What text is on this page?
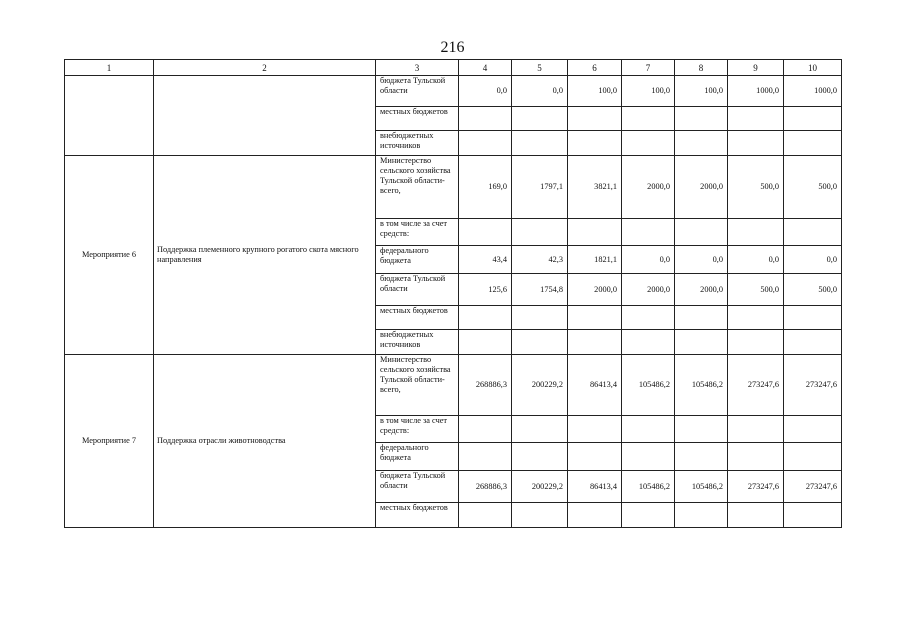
216
1	2	3	4	5	6	7	8	9	10
		бюджета Тульской области	0,0	0,0	100,0	100,0	100,0	1000,0	1000,0
		местных бюджетов							
		внебюджетных источников							
Мероприятие 6	Поддержка племенного крупного рогатого скота мясного направления	Министерство сельского хозяйства Тульской области- всего,	169,0	1797,1	3821,1	2000,0	2000,0	500,0	500,0
		в том числе за счет средств:							
		федерального бюджета	43,4	42,3	1821,1	0,0	0,0	0,0	0,0
		бюджета Тульской области	125,6	1754,8	2000,0	2000,0	2000,0	500,0	500,0
		местных бюджетов							
		внебюджетных источников							
Мероприятие 7	Поддержка отрасли животноводства	Министерство сельского хозяйства Тульской области- всего,	268886,3	200229,2	86413,4	105486,2	105486,2	273247,6	273247,6
		в том числе за счет средств:							
		федерального бюджета							
		бюджета Тульской области	268886,3	200229,2	86413,4	105486,2	105486,2	273247,6	273247,6
		местных бюджетов							
